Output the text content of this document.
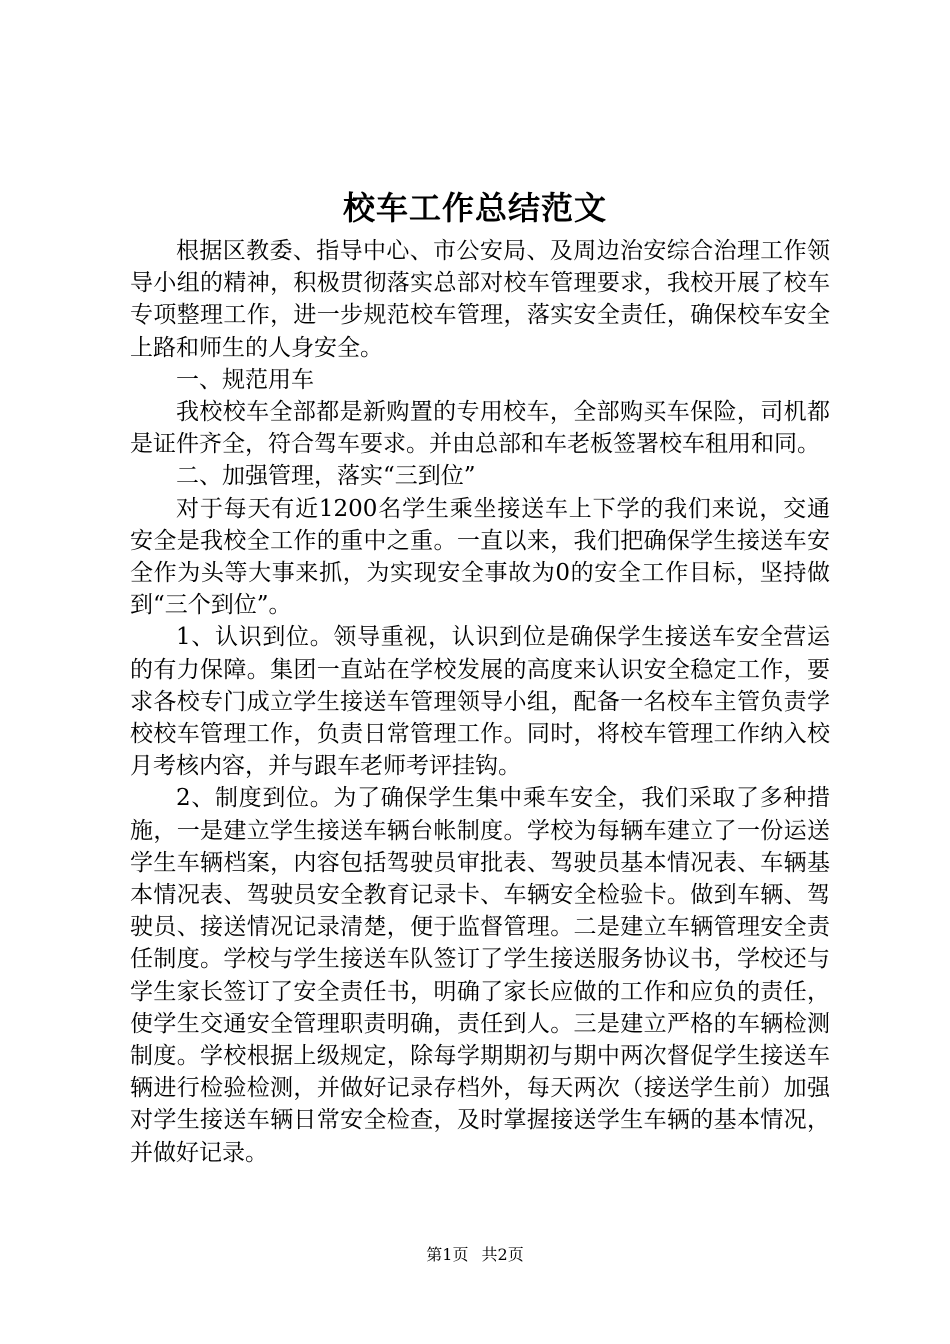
校车工作总结范文

根据区教委、指导中心、市公安局、及周边治安综合治理工作领导小组的精神，积极贯彻落实总部对校车管理要求，我校开展了校车专项整理工作，进一步规范校车管理，落实安全责任，确保校车安全上路和师生的人身安全。

一、规范用车

我校校车全部都是新购置的专用校车，全部购买车保险，司机都是证件齐全，符合驾车要求。并由总部和车老板签署校车租用和同。

二、加强管理，落实“三到位”

对于每天有近1200名学生乘坐接送车上下学的我们来说，交通安全是我校全工作的重中之重。一直以来，我们把确保学生接送车安全作为头等大事来抓，为实现安全事故为0的安全工作目标，坚持做到“三个到位”。

1、认识到位。领导重视，认识到位是确保学生接送车安全营运的有力保障。集团一直站在学校发展的高度来认识安全稳定工作，要求各校专门成立学生接送车管理领导小组，配备一名校车主管负责学校校车管理工作，负责日常管理工作。同时，将校车管理工作纳入校月考核内容，并与跟车老师考评挂钩。

2、制度到位。为了确保学生集中乘车安全，我们采取了多种措施，一是建立学生接送车辆台帐制度。学校为每辆车建立了一份运送学生车辆档案，内容包括驾驶员审批表、驾驶员基本情况表、车辆基本情况表、驾驶员安全教育记录卡、车辆安全检验卡。做到车辆、驾驶员、接送情况记录清楚，便于监督管理。二是建立车辆管理安全责任制度。学校与学生接送车队签订了学生接送服务协议书，学校还与学生家长签订了安全责任书，明确了家长应做的工作和应负的责任，使学生交通安全管理职责明确，责任到人。三是建立严格的车辆检测制度。学校根据上级规定，除每学期期初与期中两次督促学生接送车辆进行检验检测，并做好记录存档外，每天两次（接送学生前）加强对学生接送车辆日常安全检查，及时掌握接送学生车辆的基本情况，并做好记录。

第1页 共2页
